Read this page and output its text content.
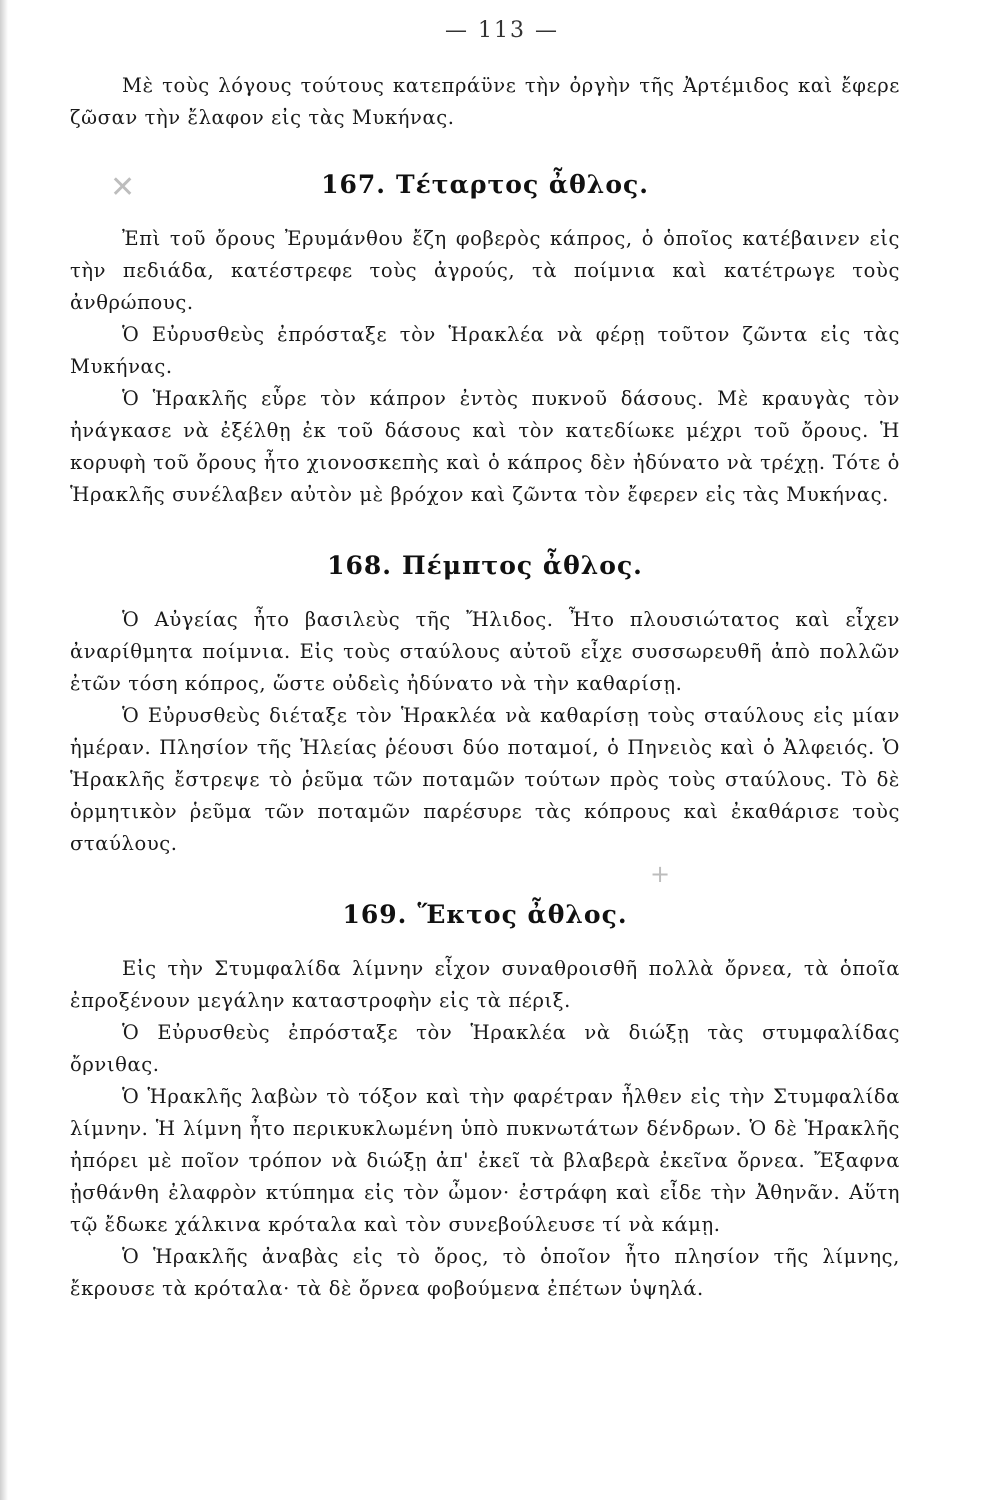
✕
+
— 113 —

Μὲ τοὺς λόγους τούτους κατεπράϋνε τὴν ὀργὴν τῆς Ἀρτέμιδος καὶ ἔφερε ζῶσαν τὴν ἔλαφον εἰς τὰς Μυκήνας.

167. Τέταρτος ἆθλος.

Ἐπὶ τοῦ ὄρους Ἐρυμάνθου ἔζη φοβερὸς κάπρος, ὁ ὁποῖος κατέβαινεν εἰς τὴν πεδιάδα, κατέστρεφε τοὺς ἀγρούς, τὰ ποίμνια καὶ κατέτρωγε τοὺς ἀνθρώπους.

Ὁ Εὐρυσθεὺς ἐπρόσταξε τὸν Ἡρακλέα νὰ φέρῃ τοῦτον ζῶντα εἰς τὰς Μυκήνας.

Ὁ Ἡρακλῆς εὗρε τὸν κάπρον ἐντὸς πυκνοῦ δάσους. Μὲ κραυγὰς τὸν ἠνάγκασε νὰ ἐξέλθῃ ἐκ τοῦ δάσους καὶ τὸν κατεδίωκε μέχρι τοῦ ὄρους. Ἡ κορυφὴ τοῦ ὄρους ἦτο χιονοσκεπὴς καὶ ὁ κάπρος δὲν ἠδύνατο νὰ τρέχῃ. Τότε ὁ Ἡρακλῆς συνέλαβεν αὐτὸν μὲ βρόχον καὶ ζῶντα τὸν ἔφερεν εἰς τὰς Μυκήνας.

168. Πέμπτος ἆθλος.

Ὁ Αὐγείας ἦτο βασιλεὺς τῆς Ἤλιδος. Ἦτο πλουσιώτατος καὶ εἶχεν ἀναρίθμητα ποίμνια. Εἰς τοὺς σταύλους αὐτοῦ εἶχε συσσωρευθῆ ἀπὸ πολλῶν ἐτῶν τόση κόπρος, ὥστε οὐδεὶς ἠδύνατο νὰ τὴν καθαρίσῃ.

Ὁ Εὐρυσθεὺς διέταξε τὸν Ἡρακλέα νὰ καθαρίσῃ τοὺς σταύλους εἰς μίαν ἡμέραν. Πλησίον τῆς Ἠλείας ῥέουσι δύο ποταμοί, ὁ Πηνειὸς καὶ ὁ Ἀλφειός. Ὁ Ἡρακλῆς ἔστρεψε τὸ ῥεῦμα τῶν ποταμῶν τούτων πρὸς τοὺς σταύλους. Τὸ δὲ ὁρμητικὸν ῥεῦμα τῶν ποταμῶν παρέσυρε τὰς κόπρους καὶ ἐκαθάρισε τοὺς σταύλους.

169. Ἕκτος ἆθλος.

Εἰς τὴν Στυμφαλίδα λίμνην εἶχον συναθροισθῆ πολλὰ ὄρνεα, τὰ ὁποῖα ἐπροξένουν μεγάλην καταστροφὴν εἰς τὰ πέριξ.

Ὁ Εὐρυσθεὺς ἐπρόσταξε τὸν Ἡρακλέα νὰ διώξῃ τὰς στυμφαλίδας ὄρνιθας.

Ὁ Ἡρακλῆς λαβὼν τὸ τόξον καὶ τὴν φαρέτραν ἦλθεν εἰς τὴν Στυμφαλίδα λίμνην. Ἡ λίμνη ἦτο περικυκλωμένη ὑπὸ πυκνωτάτων δένδρων. Ὁ δὲ Ἡρακλῆς ἠπόρει μὲ ποῖον τρόπον νὰ διώξῃ ἀπ' ἐκεῖ τὰ βλαβερὰ ἐκεῖνα ὄρνεα. Ἔξαφνα ᾐσθάνθη ἐλαφρὸν κτύπημα εἰς τὸν ὦμον· ἐστράφη καὶ εἶδε τὴν Ἀθηνᾶν. Αὕτη τῷ ἔδωκε χάλκινα κρόταλα καὶ τὸν συνεβούλευσε τί νὰ κάμῃ.

Ὁ Ἡρακλῆς ἀναβὰς εἰς τὸ ὄρος, τὸ ὁποῖον ἦτο πλησίον τῆς λίμνης, ἔκρουσε τὰ κρόταλα· τὰ δὲ ὄρνεα φοβούμενα ἐπέτων ὑψηλά.
